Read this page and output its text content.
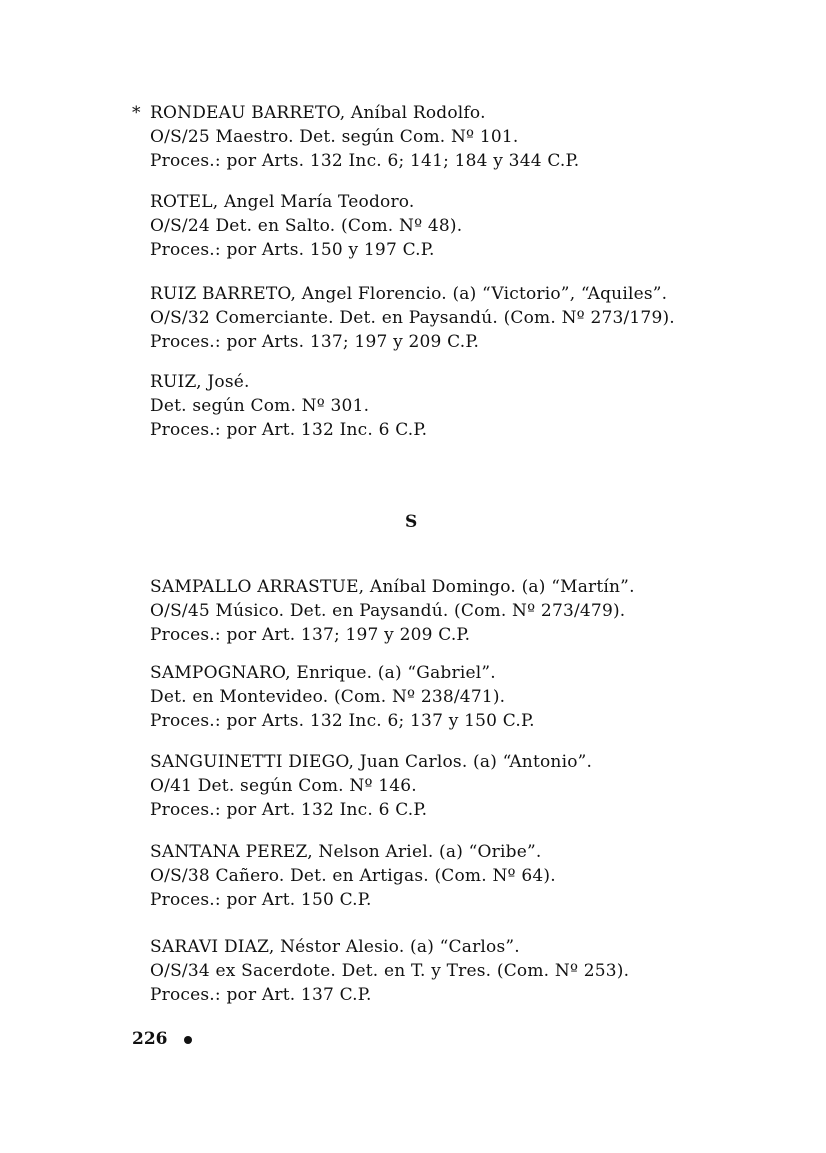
* RONDEAU BARRETO, Aníbal Rodolfo.
O/S/25 Maestro. Det. según Com. Nº 101.
Proces.: por Arts. 132 Inc. 6; 141; 184 y 344 C.P.
ROTEL, Angel María Teodoro.
O/S/24 Det. en Salto. (Com. Nº 48).
Proces.: por Arts. 150 y 197 C.P.
RUIZ BARRETO, Angel Florencio. (a) “Victorio”, “Aquiles”.
O/S/32 Comerciante. Det. en Paysandú. (Com. Nº 273/179).
Proces.: por Arts. 137; 197 y 209 C.P.
RUIZ, José.
Det. según Com. Nº 301.
Proces.: por Art. 132 Inc. 6 C.P.
S
SAMPALLO ARRASTUE, Aníbal Domingo. (a) “Martín”.
O/S/45 Músico. Det. en Paysandú. (Com. Nº 273/479).
Proces.: por Art. 137; 197 y 209 C.P.
SAMPOGNARO, Enrique. (a) “Gabriel”.
Det. en Montevideo. (Com. Nº 238/471).
Proces.: por Arts. 132 Inc. 6; 137 y 150 C.P.
SANGUINETTI DIEGO, Juan Carlos. (a) “Antonio”.
O/41 Det. según Com. Nº 146.
Proces.: por Art. 132 Inc. 6 C.P.
SANTANA PEREZ, Nelson Ariel. (a) “Oribe”.
O/S/38 Cañero. Det. en Artigas. (Com. Nº 64).
Proces.: por Art. 150 C.P.
SARAVI DIAZ, Néstor Alesio. (a) “Carlos”.
O/S/34 ex Sacerdote. Det. en T. y Tres. (Com. Nº 253).
Proces.: por Art. 137 C.P.
226
